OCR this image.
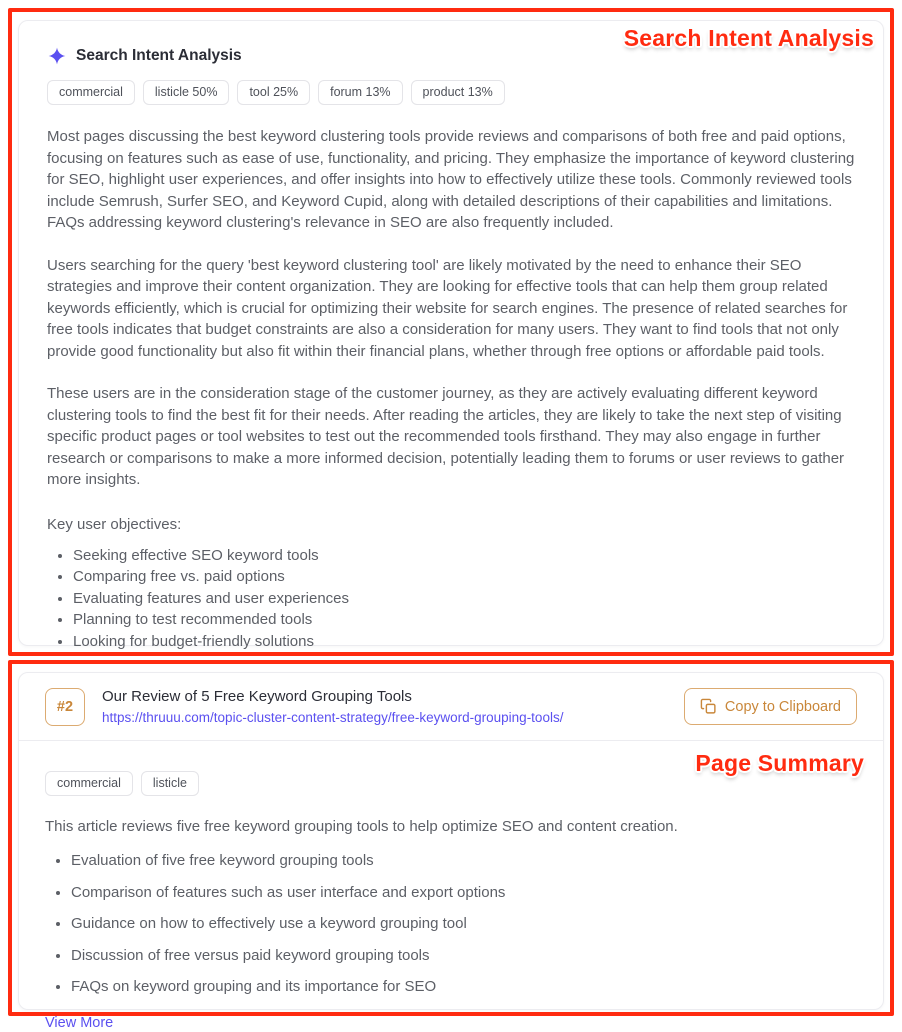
Search Intent Analysis
commercial	listicle 50%	tool 25%	forum 13%	product 13%

Most pages discussing the best keyword clustering tools provide reviews and comparisons of both free and paid options, focusing on features such as ease of use, functionality, and pricing. They emphasize the importance of keyword clustering for SEO, highlight user experiences, and offer insights into how to effectively utilize these tools. Commonly reviewed tools include Semrush, Surfer SEO, and Keyword Cupid, along with detailed descriptions of their capabilities and limitations. FAQs addressing keyword clustering's relevance in SEO are also frequently included.

Users searching for the query 'best keyword clustering tool' are likely motivated by the need to enhance their SEO strategies and improve their content organization. They are looking for effective tools that can help them group related keywords efficiently, which is crucial for optimizing their website for search engines. The presence of related searches for free tools indicates that budget constraints are also a consideration for many users. They want to find tools that not only provide good functionality but also fit within their financial plans, whether through free options or affordable paid tools.

These users are in the consideration stage of the customer journey, as they are actively evaluating different keyword clustering tools to find the best fit for their needs. After reading the articles, they are likely to take the next step of visiting specific product pages or tool websites to test out the recommended tools firsthand. They may also engage in further research or comparisons to make a more informed decision, potentially leading them to forums or user reviews to gather more insights.

Key user objectives:

• Seeking effective SEO keyword tools
• Comparing free vs. paid options
• Evaluating features and user experiences
• Planning to test recommended tools
• Looking for budget-friendly solutions
#2
Our Review of 5 Free Keyword Grouping Tools
https://thruuu.com/topic-cluster-content-strategy/free-keyword-grouping-tools/
Copy to Clipboard
commercial	listicle

This article reviews five free keyword grouping tools to help optimize SEO and content creation.

• Evaluation of five free keyword grouping tools
• Comparison of features such as user interface and export options
• Guidance on how to effectively use a keyword grouping tool
• Discussion of free versus paid keyword grouping tools
• FAQs on keyword grouping and its importance for SEO
View More
Search Intent Analysis
Page Summary
